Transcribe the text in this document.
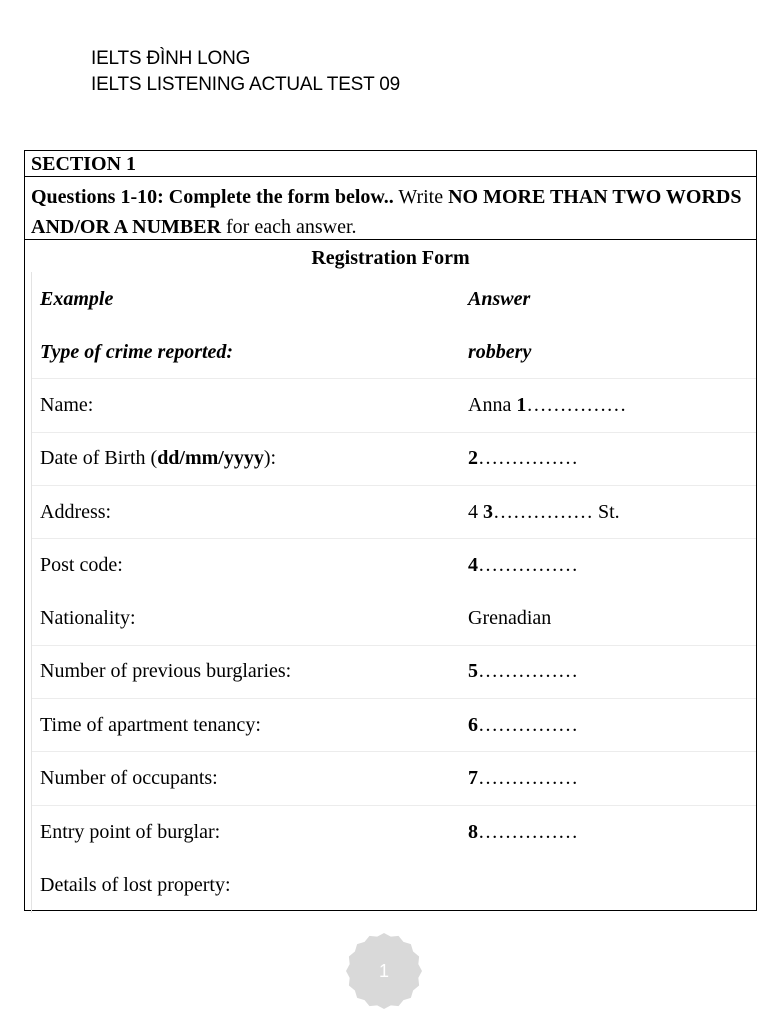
IELTS ĐÌNH LONG
IELTS LISTENING ACTUAL TEST 09
SECTION 1
Questions 1-10: Complete the form below.. Write NO MORE THAN TWO WORDS AND/OR A NUMBER for each answer.
Registration Form
Example	Answer
Type of crime reported:	robbery
Name:	Anna 1……………
Date of Birth (dd/mm/yyyy):	2……………
Address:	4 3…………… St.
Post code:	4……………
Nationality:	Grenadian
Number of previous burglaries:	5……………
Time of apartment tenancy:	6……………
Number of occupants:	7……………
Entry point of burglar:	8……………
Details of lost property:
1
